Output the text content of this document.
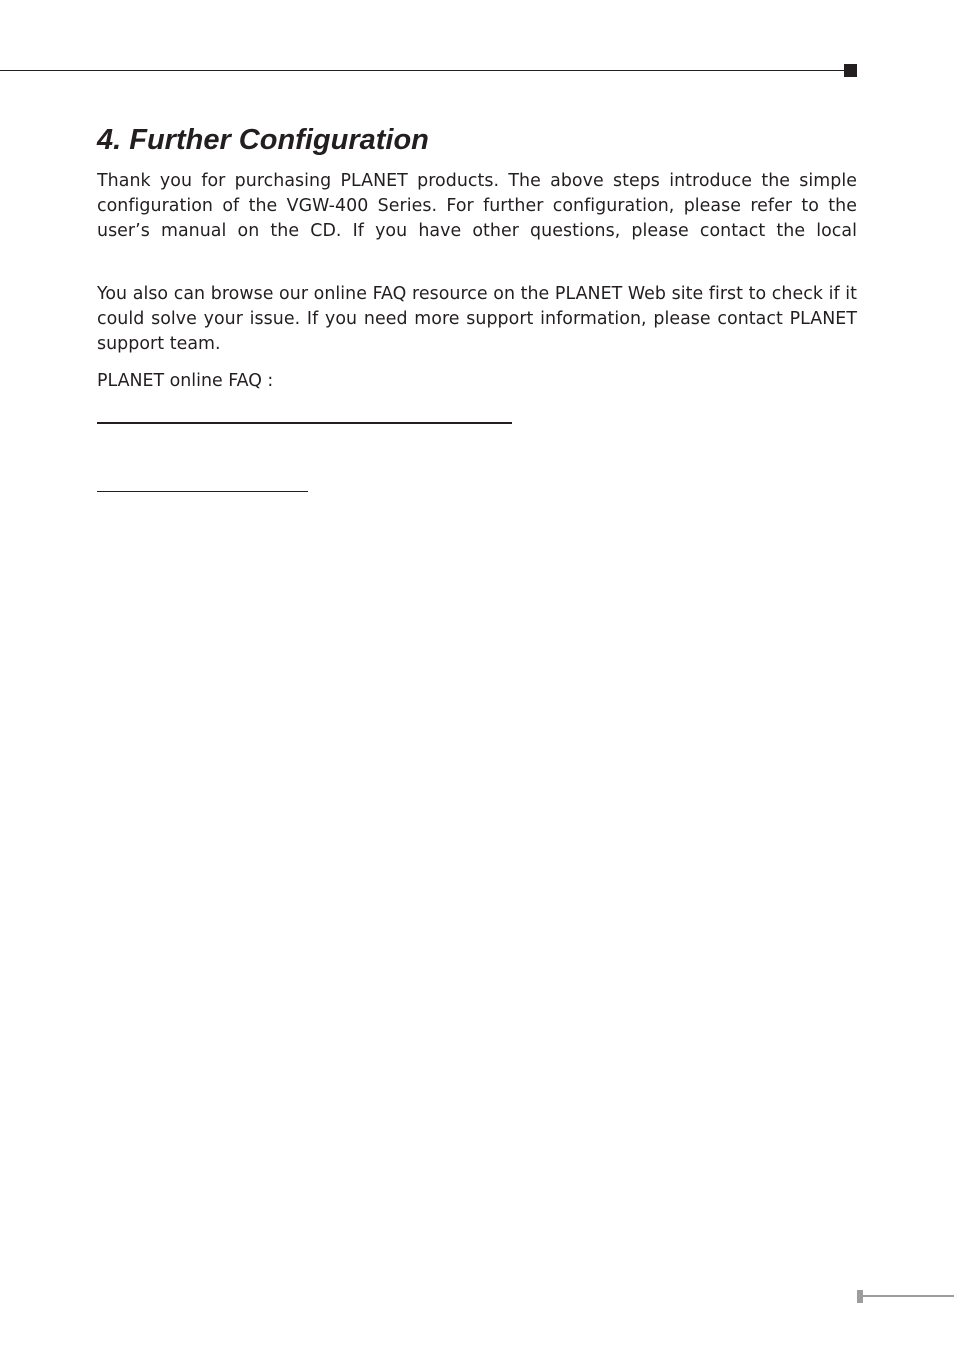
4. Further Configuration

Thank you for purchasing PLANET products. The above steps introduce the simple configuration of the VGW-400 Series. For further configuration, please refer to the user’s manual on the CD. If you have other questions, please contact the local

You also can browse our online FAQ resource on the PLANET Web site first to check if it could solve your issue. If you need more support information, please contact PLANET support team.

PLANET online FAQ :
